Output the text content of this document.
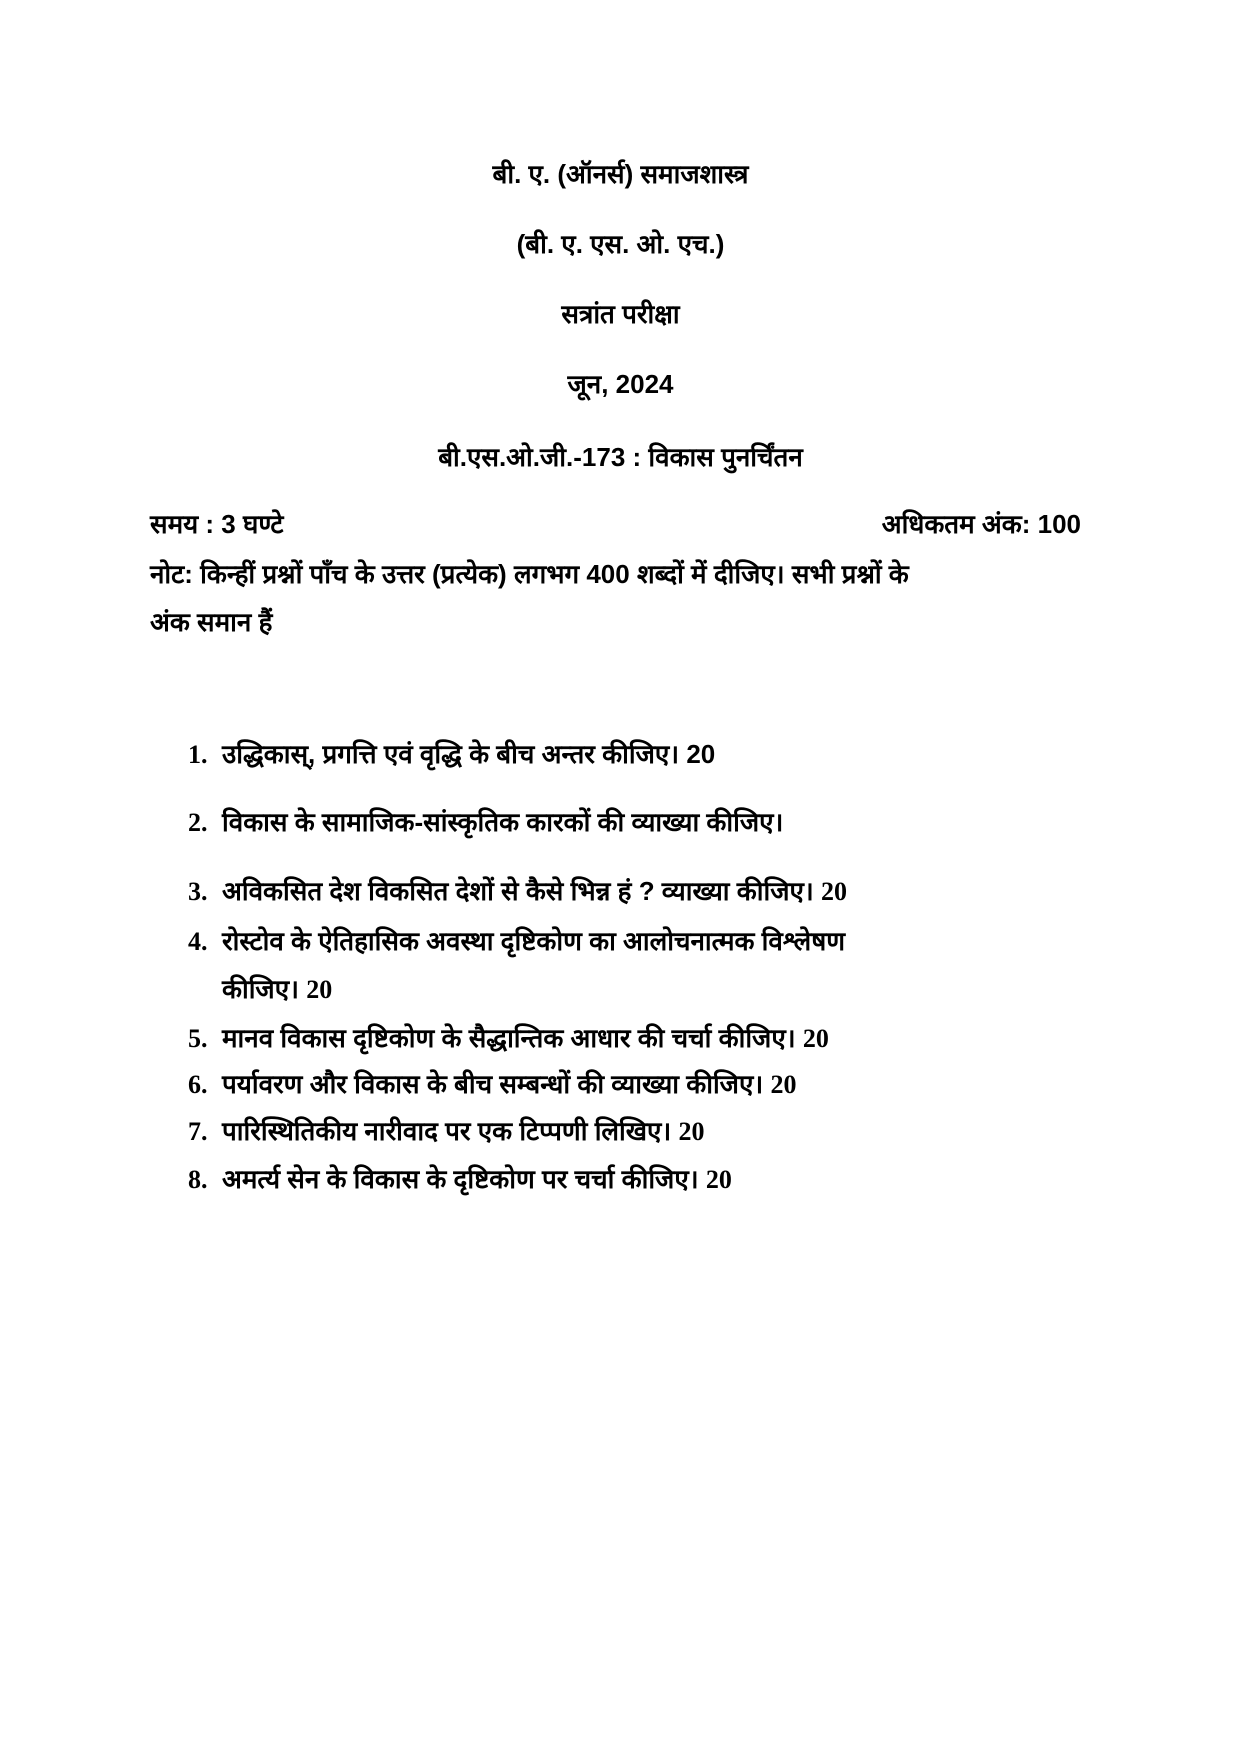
बी. ए. (ऑनर्स) समाजशास्त्र
(बी. ए. एस. ओ. एच.)
सत्रांत परीक्षा
जून, 2024
बी.एस.ओ.जी.-173 : विकास पुनर्चिंतन
समय : 3 घण्टे	अधिकतम अंक: 100
नोट: किन्हीं प्रश्नों पाँच के उत्तर (प्रत्येक) लगभग 400 शब्दों में दीजिए। सभी प्रश्नों के
अंक समान हैं
1. उद्धिकास्, प्रगत्ति एवं वृद्धि के बीच अन्तर कीजिए। 20
2. विकास के सामाजिक-सांस्कृतिक कारकों की व्याख्या कीजिए।
3. अविकसित देश विकसित देशों से कैसे भिन्न हं ? व्याख्या कीजिए। 20
4. रोस्टोव के ऐतिहासिक अवस्था दृष्टिकोण का आलोचनात्मक विश्लेषण
कीजिए। 20
5. मानव विकास दृष्टिकोण के सैद्धान्तिक आधार की चर्चा कीजिए। 20
6. पर्यावरण और विकास के बीच सम्बन्धों की व्याख्या कीजिए। 20
7. पारिस्थितिकीय नारीवाद पर एक टिप्पणी लिखिए। 20
8. अमर्त्य सेन के विकास के दृष्टिकोण पर चर्चा कीजिए। 20
